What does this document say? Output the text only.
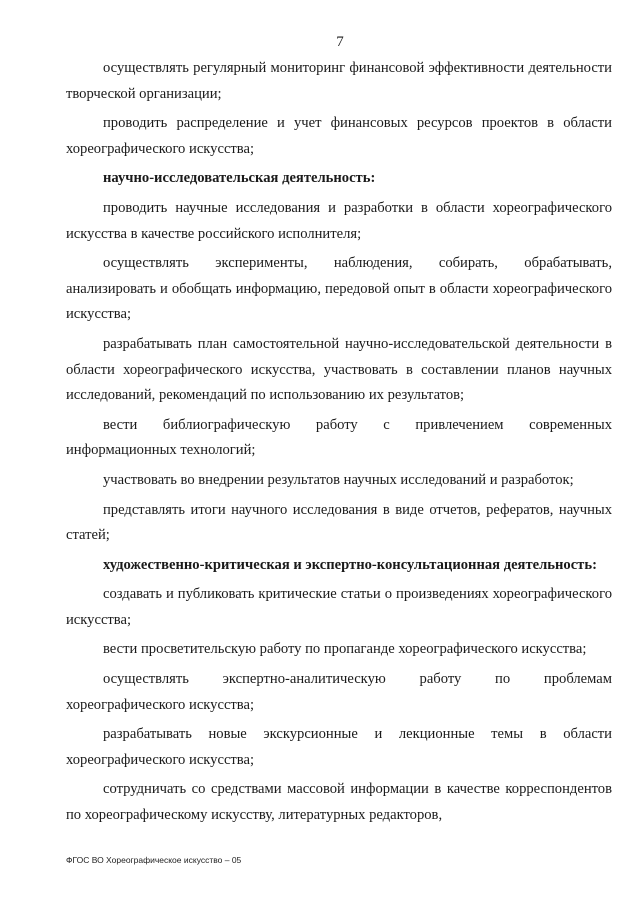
7

осуществлять регулярный мониторинг финансовой эффективности деятельности творческой организации;

проводить распределение и учет финансовых ресурсов проектов в области хореографического искусства;

научно-исследовательская деятельность:

проводить научные исследования и разработки в области хореографического искусства в качестве российского исполнителя;

осуществлять эксперименты, наблюдения, собирать, обрабатывать, анализировать и обобщать информацию, передовой опыт в области хореографического искусства;

разрабатывать план самостоятельной научно-исследовательской деятельности в области хореографического искусства, участвовать в составлении планов научных исследований, рекомендаций по использованию их результатов;

вести библиографическую работу с привлечением современных информационных технологий;

участвовать во внедрении результатов научных исследований и разработок;

представлять итоги научного исследования в виде отчетов, рефератов, научных статей;

художественно-критическая и экспертно-консультационная деятельность:

создавать и публиковать критические статьи о произведениях хореографического искусства;

вести просветительскую работу по пропаганде хореографического искусства;

осуществлять экспертно-аналитическую работу по проблемам хореографического искусства;

разрабатывать новые экскурсионные и лекционные темы в области хореографического искусства;

сотрудничать со средствами массовой информации в качестве корреспондентов по хореографическому искусству, литературных редакторов,

ФГОС ВО Хореографическое искусство – 05
